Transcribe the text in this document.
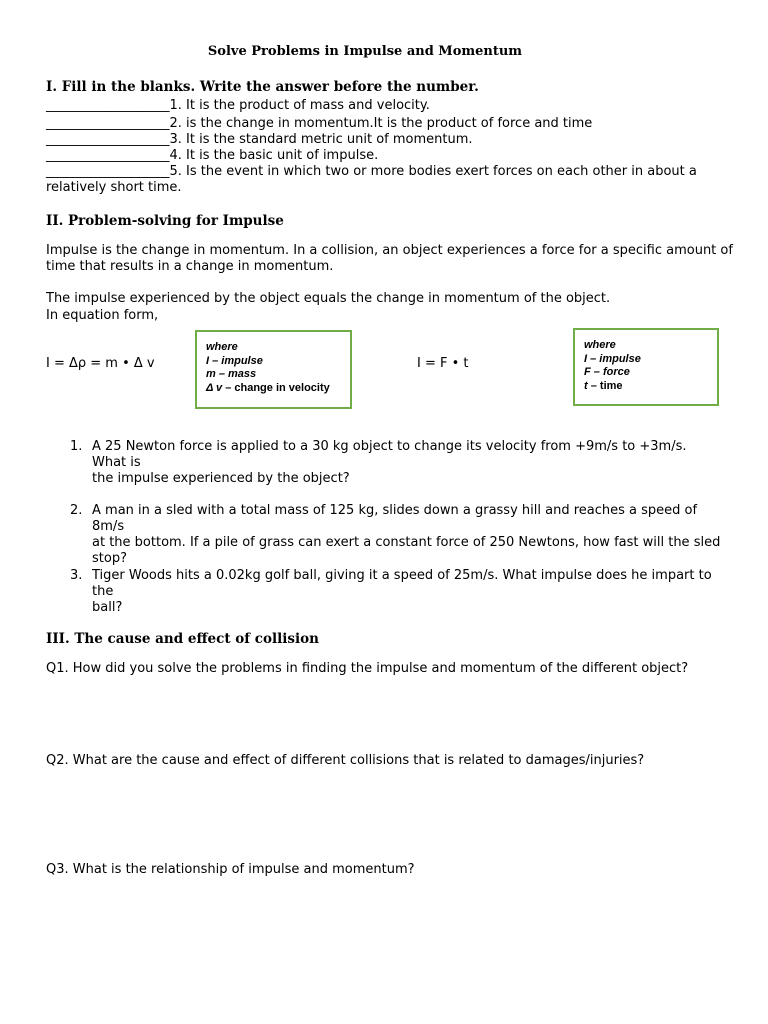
Solve Problems in Impulse and Momentum
I. Fill in the blanks. Write the answer before the number.
___________________1. It is the product of mass and velocity.
___________________2. is the change in momentum.It is the product of force and time
___________________3. It is the standard metric unit of momentum.
___________________4. It is the basic unit of impulse.
___________________5. Is the event in which two or more bodies exert forces on each other in about a
relatively short time.
II. Problem-solving for Impulse
Impulse is the change in momentum. In a collision, an object experiences a force for a specific amount of
time that results in a change in momentum.
The impulse experienced by the object equals the change in momentum of the object.
In equation form,
I = Δρ = m • Δ v
where
I – impulse
m – mass
Δ v – change in velocity
I = F • t
where
I – impulse
F – force
t – time
1. A 25 Newton force is applied to a 30 kg object to change its velocity from +9m/s to +3m/s. What is
the impulse experienced by the object?
2. A man in a sled with a total mass of 125 kg, slides down a grassy hill and reaches a speed of 8m/s
at the bottom. If a pile of grass can exert a constant force of 250 Newtons, how fast will the sled
stop?
3. Tiger Woods hits a 0.02kg golf ball, giving it a speed of 25m/s. What impulse does he impart to the
ball?
III. The cause and effect of collision
Q1. How did you solve the problems in finding the impulse and momentum of the different object?
Q2. What are the cause and effect of different collisions that is related to damages/injuries?
Q3. What is the relationship of impulse and momentum?
